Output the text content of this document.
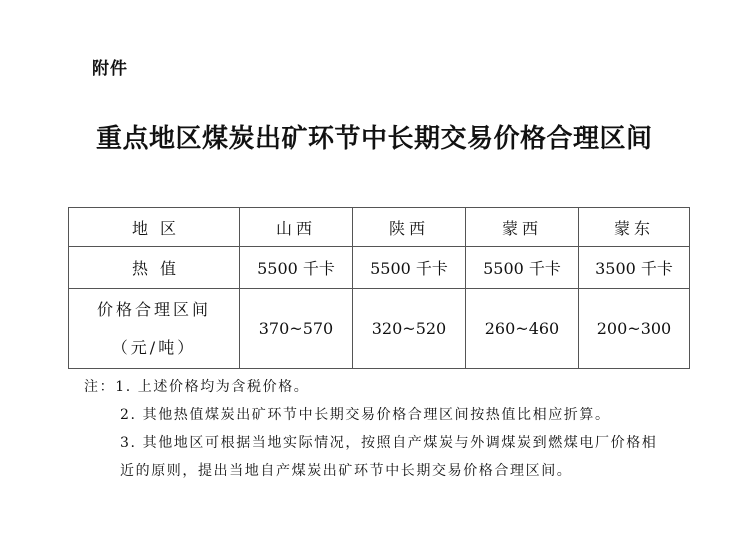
附件

重点地区煤炭出矿环节中长期交易价格合理区间
地区	山西	陕西	蒙西	蒙东
热值	5500 千卡	5500 千卡	5500 千卡	3500 千卡

价格合理区间
（元/吨）	370~570	320~520	260~460	200~300
注：1. 上述价格均为含税价格。
2. 其他热值煤炭出矿环节中长期交易价格合理区间按热值比相应折算。
3. 其他地区可根据当地实际情况，按照自产煤炭与外调煤炭到燃煤电厂价格相
近的原则，提出当地自产煤炭出矿环节中长期交易价格合理区间。
